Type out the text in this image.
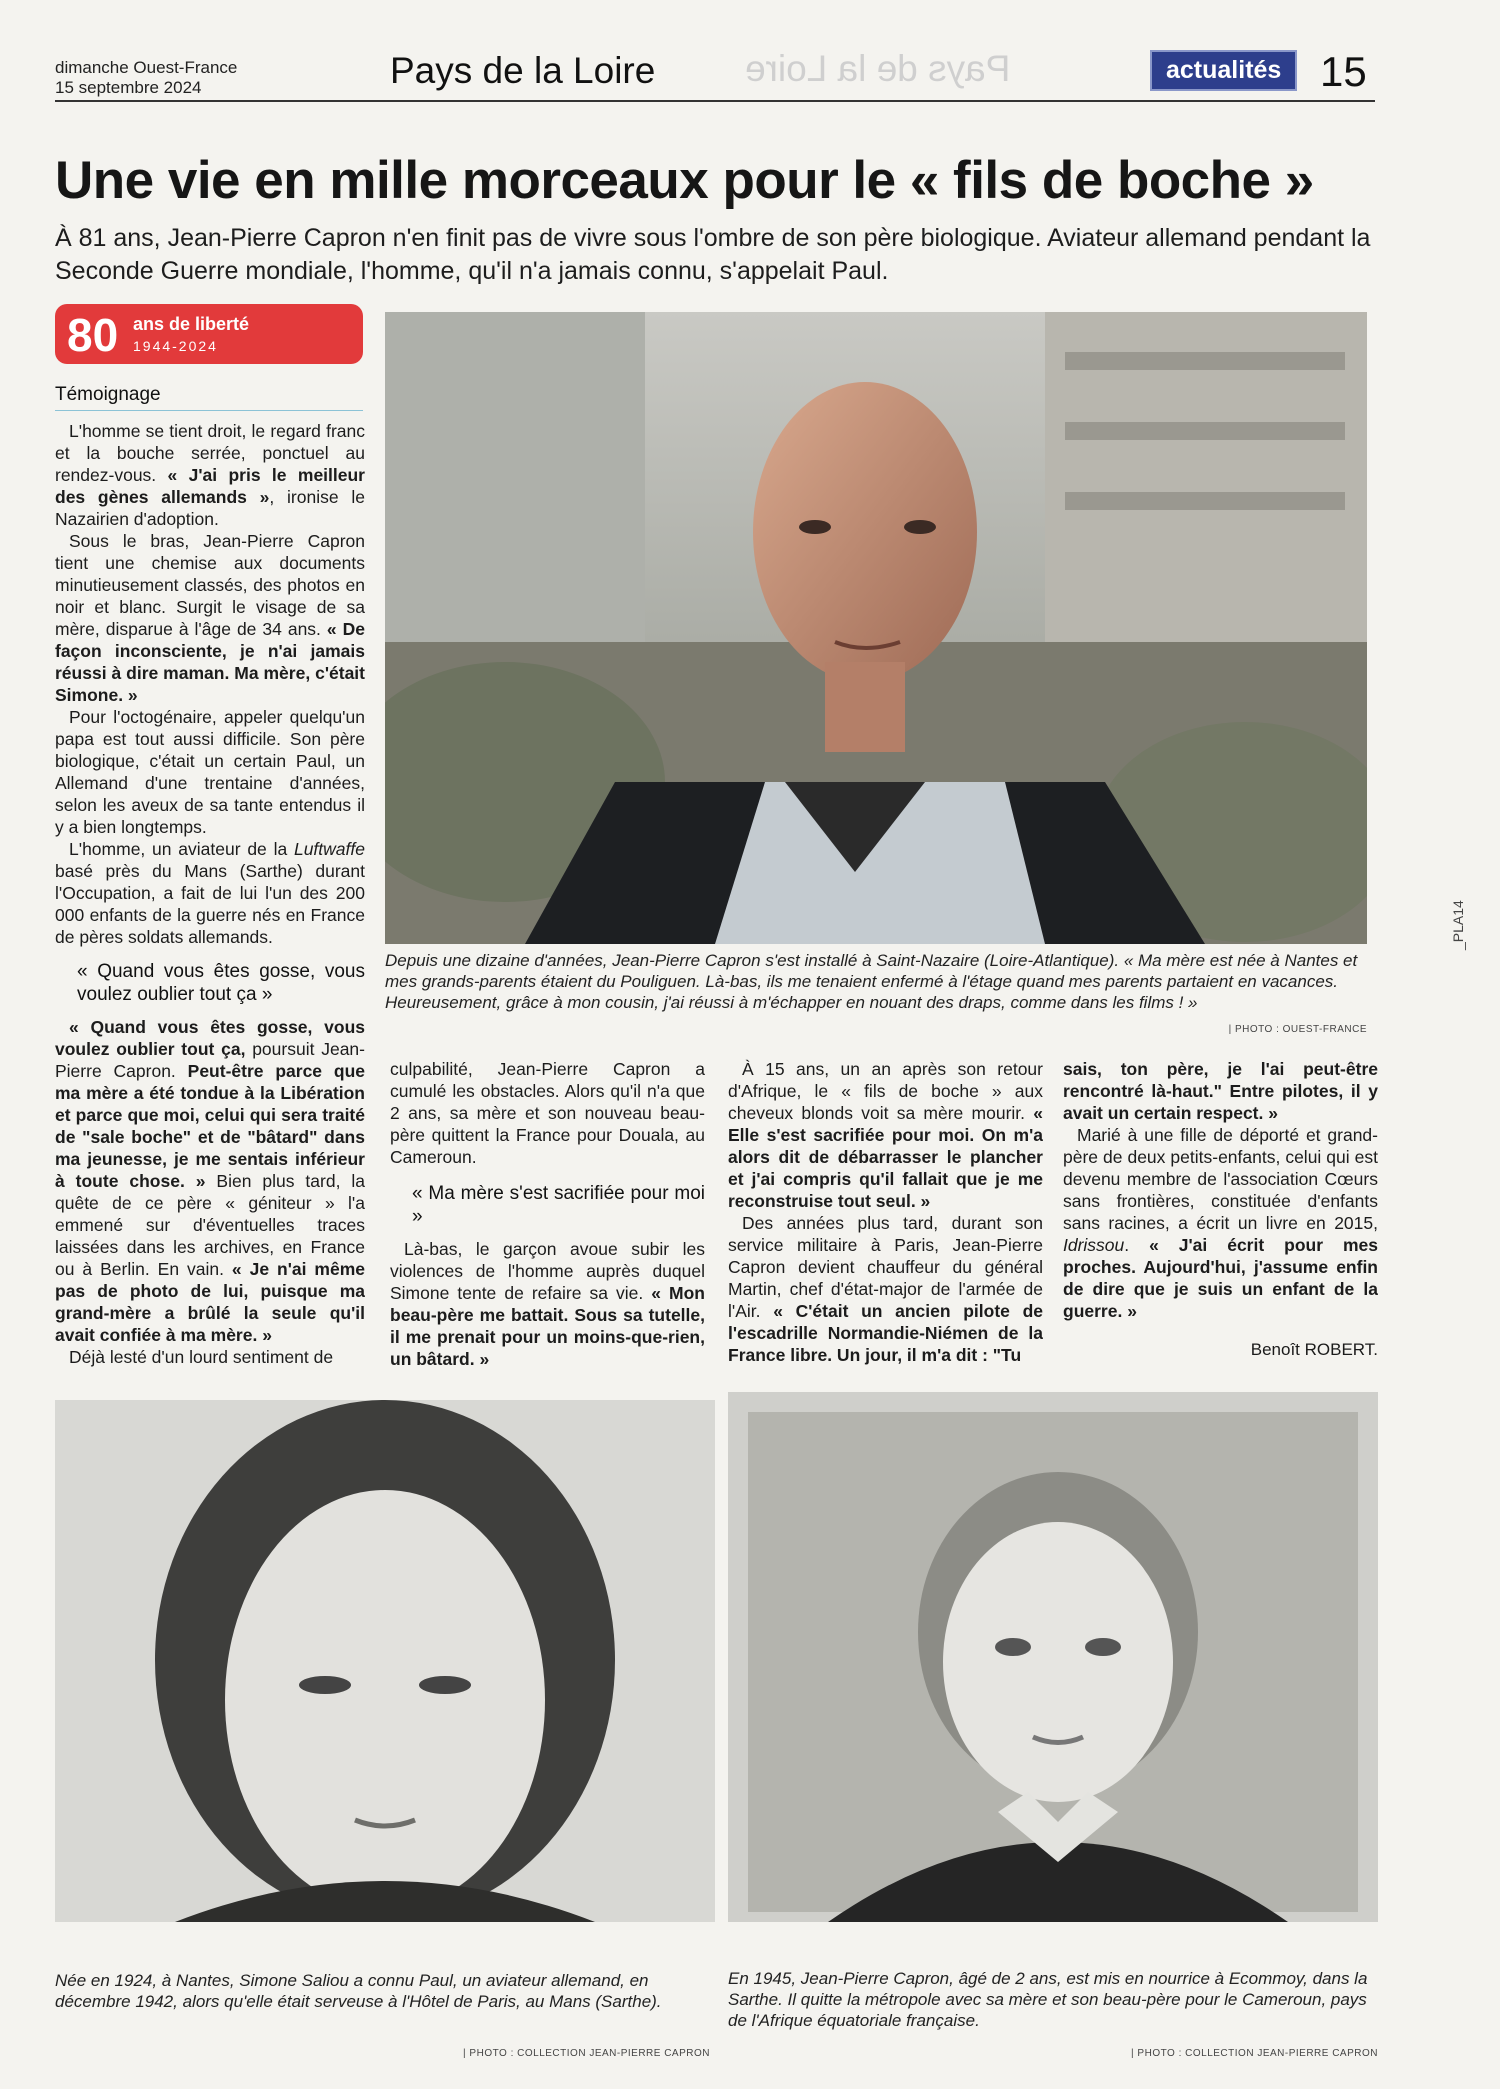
dimanche Ouest-France
15 septembre 2024	Pays de la Loire Pays de la Loire	actualités 15
Une vie en mille morceaux pour le « fils de boche »
À 81 ans, Jean-Pierre Capron n'en finit pas de vivre sous l'ombre de son père biologique. Aviateur allemand pendant la Seconde Guerre mondiale, l'homme, qu'il n'a jamais connu, s'appelait Paul.
80 ans de liberté
1944-2024
Témoignage

L'homme se tient droit, le regard franc et la bouche serrée, ponctuel au rendez-vous. « J'ai pris le meilleur des gènes allemands », ironise le Nazairien d'adoption.

Sous le bras, Jean-Pierre Capron tient une chemise aux documents minutieusement classés, des photos en noir et blanc. Surgit le visage de sa mère, disparue à l'âge de 34 ans. « De façon inconsciente, je n'ai jamais réussi à dire maman. Ma mère, c'était Simone. »

Pour l'octogénaire, appeler quelqu'un papa est tout aussi difficile. Son père biologique, c'était un certain Paul, un Allemand d'une trentaine d'années, selon les aveux de sa tante entendus il y a bien longtemps.

L'homme, un aviateur de la Luftwaffe basé près du Mans (Sarthe) durant l'Occupation, a fait de lui l'un des 200 000 enfants de la guerre nés en France de pères soldats allemands.

« Quand vous êtes gosse, vous voulez oublier tout ça »

« Quand vous êtes gosse, vous voulez oublier tout ça, poursuit Jean-Pierre Capron. Peut-être parce que ma mère a été tondue à la Libération et parce que moi, celui qui sera traité de "sale boche" et de "bâtard" dans ma jeunesse, je me sentais inférieur à toute chose. » Bien plus tard, la quête de ce père « géniteur » l'a emmené sur d'éventuelles traces laissées dans les archives, en France ou à Berlin. En vain. « Je n'ai même pas de photo de lui, puisque ma grand-mère a brûlé la seule qu'il avait confiée à ma mère. »

Déjà lesté d'un lourd sentiment de

Depuis une dizaine d'années, Jean-Pierre Capron s'est installé à Saint-Nazaire (Loire-Atlantique). « Ma mère est née à Nantes et mes grands-parents étaient du Pouliguen. Là-bas, ils me tenaient enfermé à l'étage quand mes parents partaient en vacances. Heureusement, grâce à mon cousin, j'ai réussi à m'échapper en nouant des draps, comme dans les films ! »
| PHOTO : OUEST-FRANCE

culpabilité, Jean-Pierre Capron a cumulé les obstacles. Alors qu'il n'a que 2 ans, sa mère et son nouveau beau-père quittent la France pour Douala, au Cameroun.

« Ma mère s'est sacrifiée pour moi »

Là-bas, le garçon avoue subir les violences de l'homme auprès duquel Simone tente de refaire sa vie. « Mon beau-père me battait. Sous sa tutelle, il me prenait pour un moins-que-rien, un bâtard. »

À 15 ans, un an après son retour d'Afrique, le « fils de boche » aux cheveux blonds voit sa mère mourir. « Elle s'est sacrifiée pour moi. On m'a alors dit de débarrasser le plancher et j'ai compris qu'il fallait que je me reconstruise tout seul. »

Des années plus tard, durant son service militaire à Paris, Jean-Pierre Capron devient chauffeur du général Martin, chef d'état-major de l'armée de l'Air. « C'était un ancien pilote de l'escadrille Normandie-Niémen de la France libre. Un jour, il m'a dit : "Tu

sais, ton père, je l'ai peut-être rencontré là-haut." Entre pilotes, il y avait un certain respect. »

Marié à une fille de déporté et grand-père de deux petits-enfants, celui qui est devenu membre de l'association Cœurs sans frontières, constituée d'enfants sans racines, a écrit un livre en 2015, Idrissou. « J'ai écrit pour mes proches. Aujourd'hui, j'assume enfin de dire que je suis un enfant de la guerre. »

Benoît ROBERT.
Née en 1924, à Nantes, Simone Saliou a connu Paul, un aviateur allemand, en décembre 1942, alors qu'elle était serveuse à l'Hôtel de Paris, au Mans (Sarthe).
| PHOTO : COLLECTION JEAN-PIERRE CAPRON
En 1945, Jean-Pierre Capron, âgé de 2 ans, est mis en nourrice à Ecommoy, dans la Sarthe. Il quitte la métropole avec sa mère et son beau-père pour le Cameroun, pays de l'Afrique équatoriale française.
| PHOTO : COLLECTION JEAN-PIERRE CAPRON
_PLA14
